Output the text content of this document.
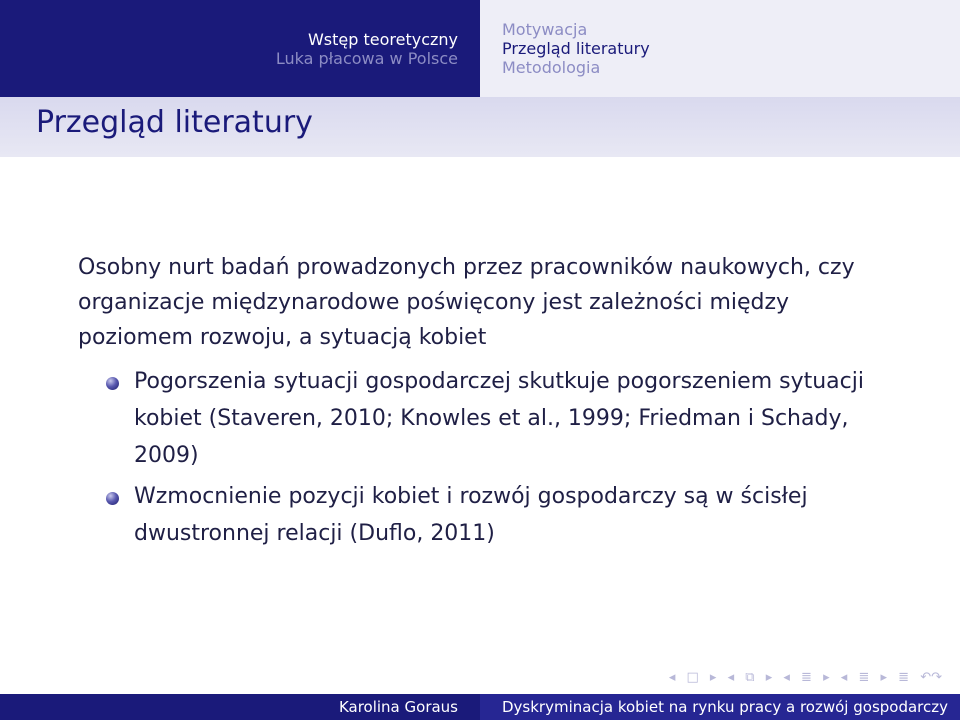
Wstęp teoretyczny
Luka płacowa w Polsce
Motywacja
Przegląd literatury
Metodologia
Przegląd literatury

Osobny nurt badań prowadzonych przez pracowników naukowych, czy organizacje międzynarodowe poświęcony jest zależności między poziomem rozwoju, a sytuacją kobiet

Pogorszenia sytuacji gospodarczej skutkuje pogorszeniem sytuacji kobiet (Staveren, 2010; Knowles et al., 1999; Friedman i Schady, 2009)
Wzmocnienie pozycji kobiet i rozwój gospodarczy są w ścisłej dwustronnej relacji (Duflo, 2011)
◂ □ ▸ ◂ ⧉ ▸ ◂ ≣ ▸ ◂ ≣ ▸ ≣ ↶↷
Karolina Goraus	Dyskryminacja kobiet na rynku pracy a rozwój gospodarczy
